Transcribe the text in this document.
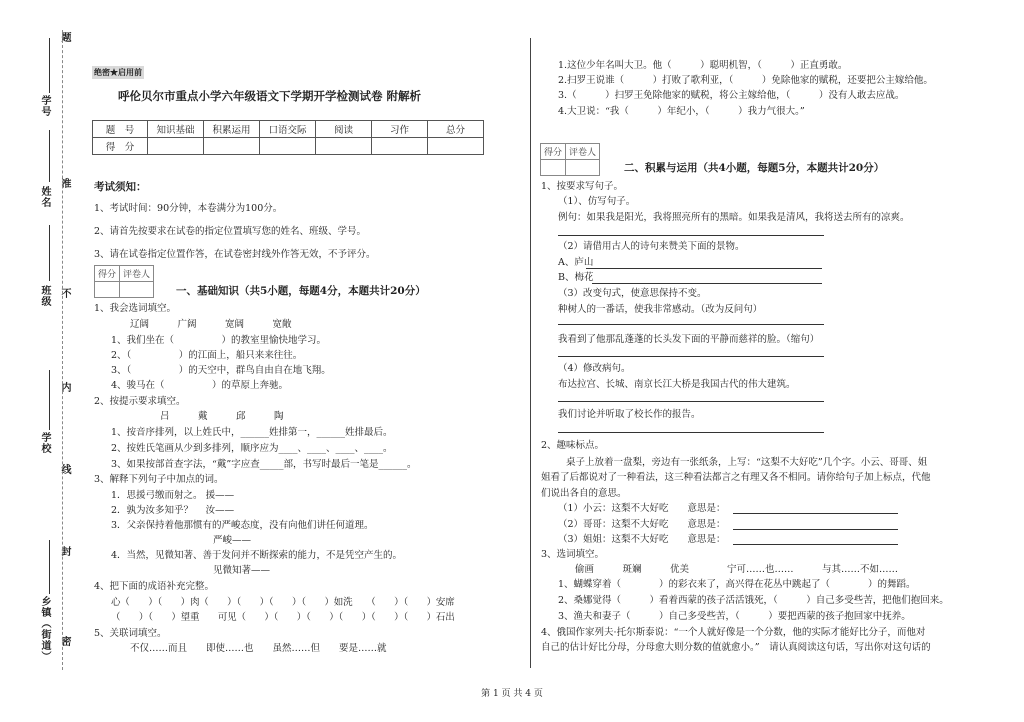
题
学号
准
姓名
不
班级
内
学校
线
封
乡镇（街道） 密
绝密★启用前
呼伦贝尔市重点小学六年级语文下学期开学检测试卷 附解析
题　号	知识基础	积累运用	口语交际	阅读	习作	总分
得　分						
考试须知：
1、考试时间：90分钟，本卷满分为100分。
2、请首先按要求在试卷的指定位置填写您的姓名、班级、学号。
3、请在试卷指定位置作答，在试卷密封线外作答无效，不予评分。
得分	评卷人

一、基础知识（共5小题，每题4分，本题共计20分）
1、我会选词填空。
辽阔　　　广阔　　　宽阔　　　宽敞
1、我们坐在（　　　　　）的教室里愉快地学习。
2、（　　　　　）的江面上，船只来来往往。
3、（　　　　　）的天空中，群鸟自由自在地飞翔。
4、骏马在（　　　　　）的草原上奔驰。
2、按提示要求填空。
吕　　　戴　　　邱　　　陶
1、按音序排列，以上姓氏中，______姓排第一，______姓排最后。
2、按姓氏笔画从少到多排列，顺序应为____、____、____、____。
3、如果按部首查字法，“戴”字应查_____部，书写时最后一笔是______。
3、解释下列句子中加点的词。
1．思援弓缴而射之。 援——
2．孰为汝多知乎？　 汝——
3．父亲保持着他那惯有的严峻态度，没有向他们讲任何道理。
严峻——
4．当然，见微知著、善于发问并不断探索的能力，不是凭空产生的。
见微知著——
4、把下面的成语补充完整。
心（　　）（　　）肉（　　）（　　）（　　）（　　）如洗　　（　　）（　　）安席
（　　）（　　）望重　　可见（　　）（　　）（　　）（　　）（　　）（　　）石出
5、关联词填空。
不仅……而且　　即使……也　　虽然……但　　要是……就
1.这位少年名叫大卫。他（　　　）聪明机智，（　　　）正直勇敢。
2.扫罗王说谁（　　　）打败了歌利亚，（　　　）免除他家的赋税，还要把公主嫁给他。
3.（　　　）扫罗王免除他家的赋税，将公主嫁给他，（　　　）没有人敢去应战。
4.大卫说：“我（　　　）年纪小，（　　　）我力气很大。”
得分	评卷人

二、积累与运用（共4小题，每题5分，本题共计20分）
1、按要求写句子。
（1）、仿写句子。
例句：如果我是阳光，我将照亮所有的黑暗。如果我是清风，我将送去所有的凉爽。
（2）请借用古人的诗句来赞美下面的景物。
A、庐山
B、梅花
（3）改变句式，使意思保持不变。
种树人的一番话，使我非常感动。（改为反问句）
我看到了他那乱蓬蓬的长头发下面的平静而慈祥的脸。（缩句）
（4）修改病句。
布达拉宫、长城、南京长江大桥是我国古代的伟大建筑。
我们讨论并听取了校长作的报告。
2、趣味标点。
桌子上放着一盘梨，旁边有一张纸条，上写：“这梨不大好吃”几个字。小云、哥哥、姐
姐看了后都说对了一种看法，这三种看法都言之有理又各不相同。请你给句子加上标点，代他
们说出各自的意思。
（1）小云：这梨不大好吃　　意思是：
（2）哥哥：这梨不大好吃　　意思是：
（3）姐姐：这梨不大好吃　　意思是：
3、选词填空。
偷画　　　斑斓　　　优美　　　　宁可……也……　　　与其……不如……
1、蝴蝶穿着（　　　　）的彩衣来了，高兴得在花丛中跳起了（　　　　）的舞蹈。
2、桑娜觉得（　　　）看着西蒙的孩子活活饿死，（　　　）自己多受些苦，把他们抱回来。
3、渔夫和妻子（　　　）自己多受些苦，（　　　）要把西蒙的孩子抱回家中抚养。
4、俄国作家列夫·托尔斯泰说：“一个人就好像是一个分数，他的实际才能好比分子，而他对
自己的估计好比分母，分母愈大则分数的值就愈小。”　请认真阅读这句话，写出你对这句话的
第 1 页 共 4 页
